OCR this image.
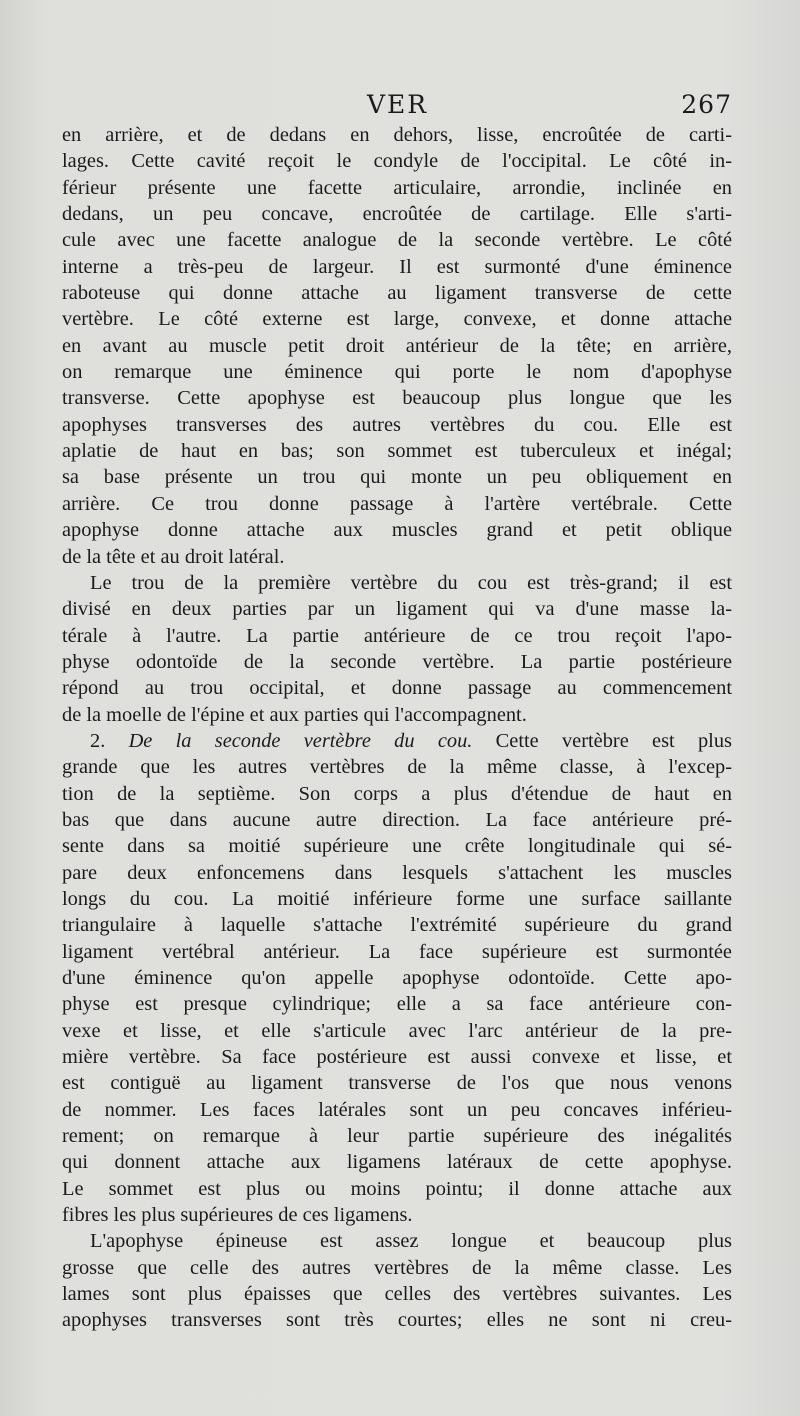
VER	267
en arrière, et de dedans en dehors, lisse, encroûtée de carti-
lages. Cette cavité reçoit le condyle de l'occipital. Le côté in-
férieur présente une facette articulaire, arrondie, inclinée en
dedans, un peu concave, encroûtée de cartilage. Elle s'arti-
cule avec une facette analogue de la seconde vertèbre. Le côté
interne a très-peu de largeur. Il est surmonté d'une éminence
raboteuse qui donne attache au ligament transverse de cette
vertèbre. Le côté externe est large, convexe, et donne attache
en avant au muscle petit droit antérieur de la tête; en arrière,
on remarque une éminence qui porte le nom d'apophyse
transverse. Cette apophyse est beaucoup plus longue que les
apophyses transverses des autres vertèbres du cou. Elle est
aplatie de haut en bas; son sommet est tuberculeux et inégal;
sa base présente un trou qui monte un peu obliquement en
arrière. Ce trou donne passage à l'artère vertébrale. Cette
apophyse donne attache aux muscles grand et petit oblique
de la tête et au droit latéral.
Le trou de la première vertèbre du cou est très-grand; il est
divisé en deux parties par un ligament qui va d'une masse la-
térale à l'autre. La partie antérieure de ce trou reçoit l'apo-
physe odontoïde de la seconde vertèbre. La partie postérieure
répond au trou occipital, et donne passage au commencement
de la moelle de l'épine et aux parties qui l'accompagnent.
2. De la seconde vertèbre du cou. Cette vertèbre est plus
grande que les autres vertèbres de la même classe, à l'excep-
tion de la septième. Son corps a plus d'étendue de haut en
bas que dans aucune autre direction. La face antérieure pré-
sente dans sa moitié supérieure une crête longitudinale qui sé-
pare deux enfoncemens dans lesquels s'attachent les muscles
longs du cou. La moitié inférieure forme une surface saillante
triangulaire à laquelle s'attache l'extrémité supérieure du grand
ligament vertébral antérieur. La face supérieure est surmontée
d'une éminence qu'on appelle apophyse odontoïde. Cette apo-
physe est presque cylindrique; elle a sa face antérieure con-
vexe et lisse, et elle s'articule avec l'arc antérieur de la pre-
mière vertèbre. Sa face postérieure est aussi convexe et lisse, et
est contiguë au ligament transverse de l'os que nous venons
de nommer. Les faces latérales sont un peu concaves inférieu-
rement; on remarque à leur partie supérieure des inégalités
qui donnent attache aux ligamens latéraux de cette apophyse.
Le sommet est plus ou moins pointu; il donne attache aux
fibres les plus supérieures de ces ligamens.
L'apophyse épineuse est assez longue et beaucoup plus
grosse que celle des autres vertèbres de la même classe. Les
lames sont plus épaisses que celles des vertèbres suivantes. Les
apophyses transverses sont très courtes; elles ne sont ni creu-
